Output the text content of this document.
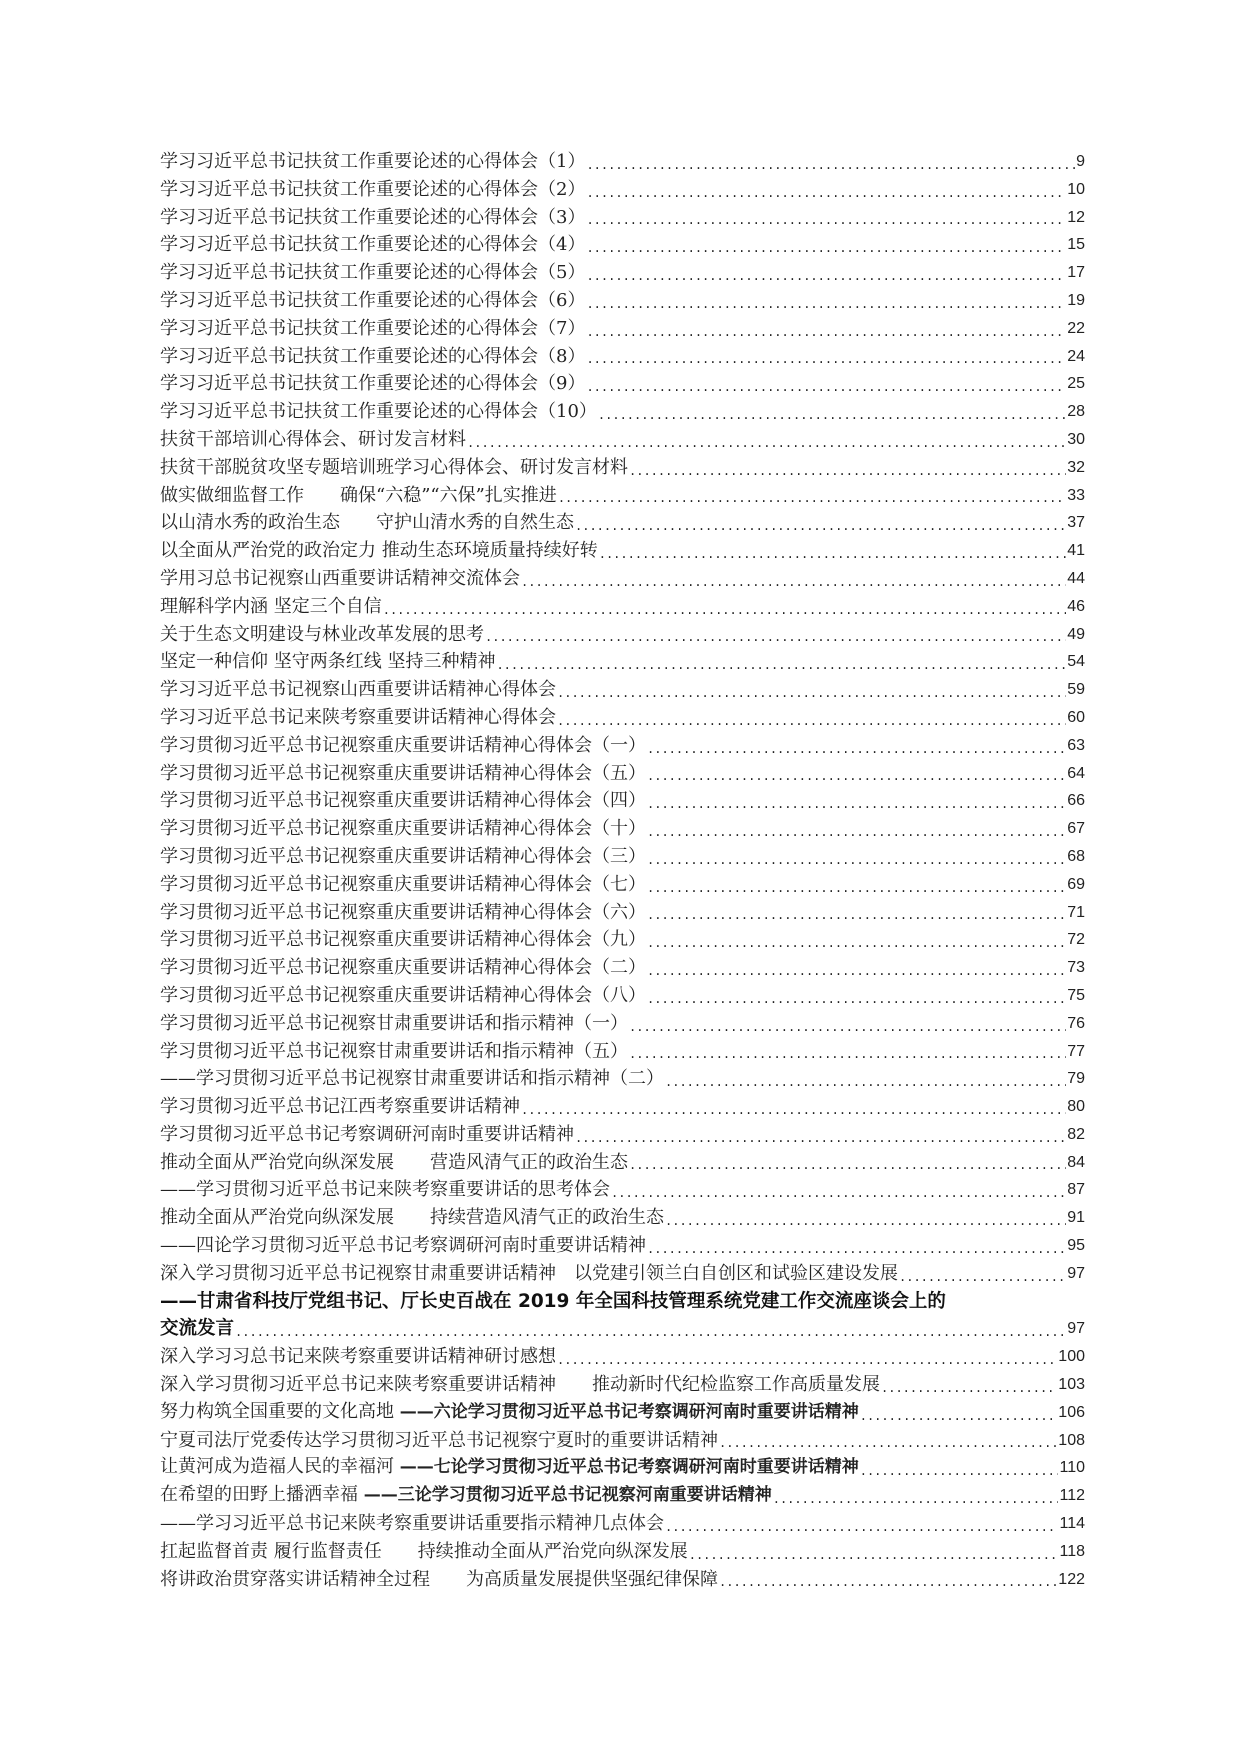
学习习近平总书记扶贫工作重要论述的心得体会（1） .....	9
学习习近平总书记扶贫工作重要论述的心得体会（2） .....	10
学习习近平总书记扶贫工作重要论述的心得体会（3） .....	12
学习习近平总书记扶贫工作重要论述的心得体会（4） .....	15
学习习近平总书记扶贫工作重要论述的心得体会（5） .....	17
学习习近平总书记扶贫工作重要论述的心得体会（6） .....	19
学习习近平总书记扶贫工作重要论述的心得体会（7） .....	22
学习习近平总书记扶贫工作重要论述的心得体会（8） .....	24
学习习近平总书记扶贫工作重要论述的心得体会（9） .....	25
学习习近平总书记扶贫工作重要论述的心得体会（10） .....	28
扶贫干部培训心得体会、研讨发言材料 .....	30
扶贫干部脱贫攻坚专题培训班学习心得体会、研讨发言材料 .....	32
做实做细监督工作　　确保“六稳”“六保”扎实推进 .....	33
以山清水秀的政治生态　　守护山清水秀的自然生态 .....	37
以全面从严治党的政治定力 推动生态环境质量持续好转 .....	41
学用习总书记视察山西重要讲话精神交流体会 .....	44
理解科学内涵 坚定三个自信 .....	46
关于生态文明建设与林业改革发展的思考 .....	49
坚定一种信仰 坚守两条红线 坚持三种精神 .....	54
学习习近平总书记视察山西重要讲话精神心得体会 .....	59
学习习近平总书记来陕考察重要讲话精神心得体会 .....	60
学习贯彻习近平总书记视察重庆重要讲话精神心得体会（一） .....	63
学习贯彻习近平总书记视察重庆重要讲话精神心得体会（五） .....	64
学习贯彻习近平总书记视察重庆重要讲话精神心得体会（四） .....	66
学习贯彻习近平总书记视察重庆重要讲话精神心得体会（十） .....	67
学习贯彻习近平总书记视察重庆重要讲话精神心得体会（三） .....	68
学习贯彻习近平总书记视察重庆重要讲话精神心得体会（七） .....	69
学习贯彻习近平总书记视察重庆重要讲话精神心得体会（六） .....	71
学习贯彻习近平总书记视察重庆重要讲话精神心得体会（九） .....	72
学习贯彻习近平总书记视察重庆重要讲话精神心得体会（二） .....	73
学习贯彻习近平总书记视察重庆重要讲话精神心得体会（八） .....	75
学习贯彻习近平总书记视察甘肃重要讲话和指示精神（一） .....	76
学习贯彻习近平总书记视察甘肃重要讲话和指示精神（五） .....	77
——学习贯彻习近平总书记视察甘肃重要讲话和指示精神（二） .....	79
学习贯彻习近平总书记江西考察重要讲话精神 .....	80
学习贯彻习近平总书记考察调研河南时重要讲话精神 .....	82
推动全面从严治党向纵深发展　　营造风清气正的政治生态 .....	84
——学习贯彻习近平总书记来陕考察重要讲话的思考体会 .....	87
推动全面从严治党向纵深发展　　持续营造风清气正的政治生态 .....	91
——四论学习贯彻习近平总书记考察调研河南时重要讲话精神 .....	95
深入学习贯彻习近平总书记视察甘肃重要讲话精神　以党建引领兰白自创区和试验区建设发展 .....	97
——甘肃省科技厅党组书记、厅长史百战在 2019 年全国科技管理系统党建工作交流座谈会上的
交流发言 .....	97
深入学习习总书记来陕考察重要讲话精神研讨感想 .....	100
深入学习贯彻习近平总书记来陕考察重要讲话精神　　推动新时代纪检监察工作高质量发展 .....	103
努力构筑全国重要的文化高地 ——六论学习贯彻习近平总书记考察调研河南时重要讲话精神 .....	106
宁夏司法厅党委传达学习贯彻习近平总书记视察宁夏时的重要讲话精神 .....	108
让黄河成为造福人民的幸福河 ——七论学习贯彻习近平总书记考察调研河南时重要讲话精神 .....	110
在希望的田野上播洒幸福 ——三论学习贯彻习近平总书记视察河南重要讲话精神 .....	112
——学习习近平总书记来陕考察重要讲话重要指示精神几点体会 .....	114
扛起监督首责 履行监督责任　　持续推动全面从严治党向纵深发展 .....	118
将讲政治贯穿落实讲话精神全过程　　为高质量发展提供坚强纪律保障 .....	122
